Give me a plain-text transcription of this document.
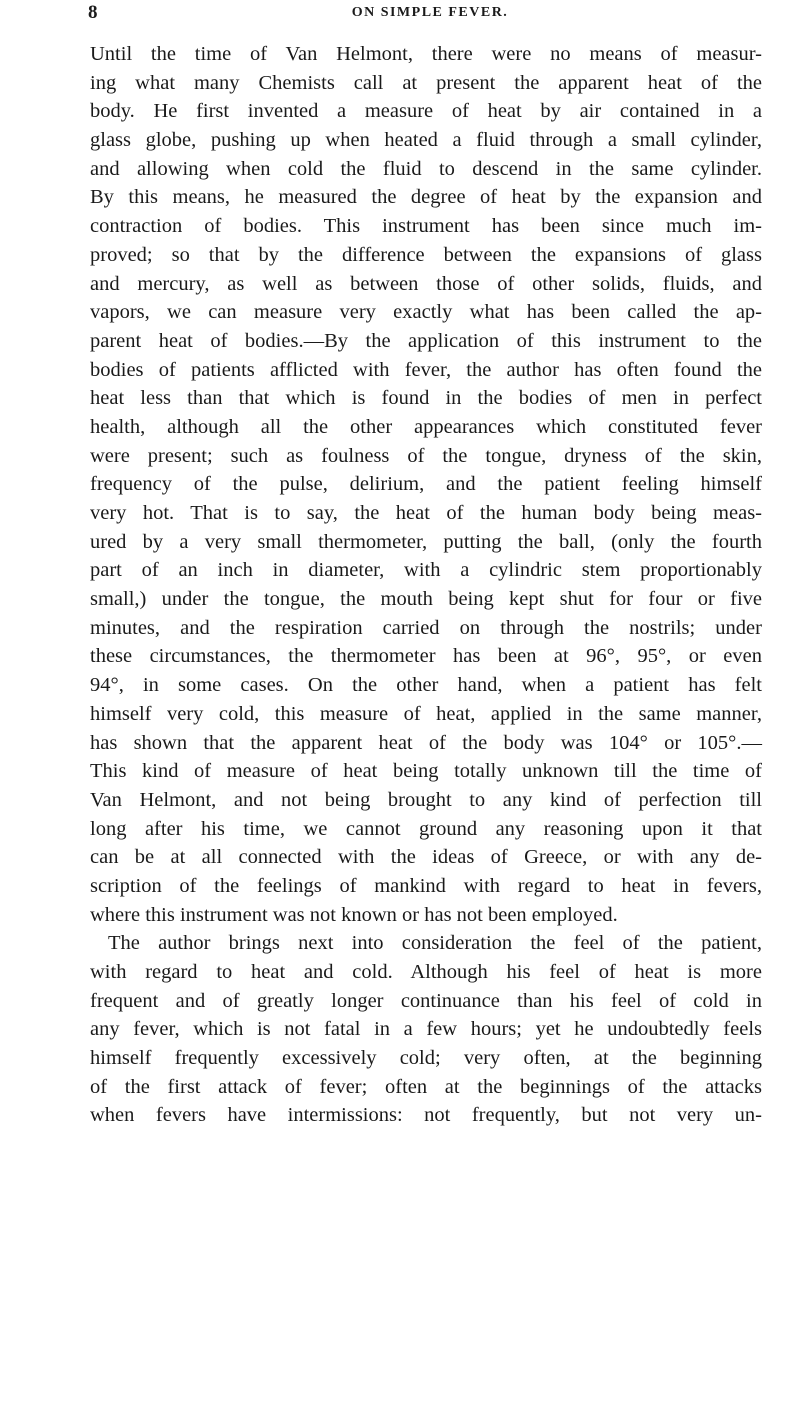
8	ON SIMPLE FEVER.
Until the time of Van Helmont, there were no means of measur-
ing what many Chemists call at present the apparent heat of the
body. He first invented a measure of heat by air contained in a
glass globe, pushing up when heated a fluid through a small cylinder,
and allowing when cold the fluid to descend in the same cylinder.
By this means, he measured the degree of heat by the expansion and
contraction of bodies. This instrument has been since much im-
proved; so that by the difference between the expansions of glass
and mercury, as well as between those of other solids, fluids, and
vapors, we can measure very exactly what has been called the ap-
parent heat of bodies.—By the application of this instrument to the
bodies of patients afflicted with fever, the author has often found the
heat less than that which is found in the bodies of men in perfect
health, although all the other appearances which constituted fever
were present; such as foulness of the tongue, dryness of the skin,
frequency of the pulse, delirium, and the patient feeling himself
very hot. That is to say, the heat of the human body being meas-
ured by a very small thermometer, putting the ball, (only the fourth
part of an inch in diameter, with a cylindric stem proportionably
small,) under the tongue, the mouth being kept shut for four or five
minutes, and the respiration carried on through the nostrils; under
these circumstances, the thermometer has been at 96°, 95°, or even
94°, in some cases. On the other hand, when a patient has felt
himself very cold, this measure of heat, applied in the same manner,
has shown that the apparent heat of the body was 104° or 105°.—
This kind of measure of heat being totally unknown till the time of
Van Helmont, and not being brought to any kind of perfection till
long after his time, we cannot ground any reasoning upon it that
can be at all connected with the ideas of Greece, or with any de-
scription of the feelings of mankind with regard to heat in fevers,
where this instrument was not known or has not been employed.
The author brings next into consideration the feel of the patient,
with regard to heat and cold. Although his feel of heat is more
frequent and of greatly longer continuance than his feel of cold in
any fever, which is not fatal in a few hours; yet he undoubtedly feels
himself frequently excessively cold; very often, at the beginning
of the first attack of fever; often at the beginnings of the attacks
when fevers have intermissions: not frequently, but not very un-
